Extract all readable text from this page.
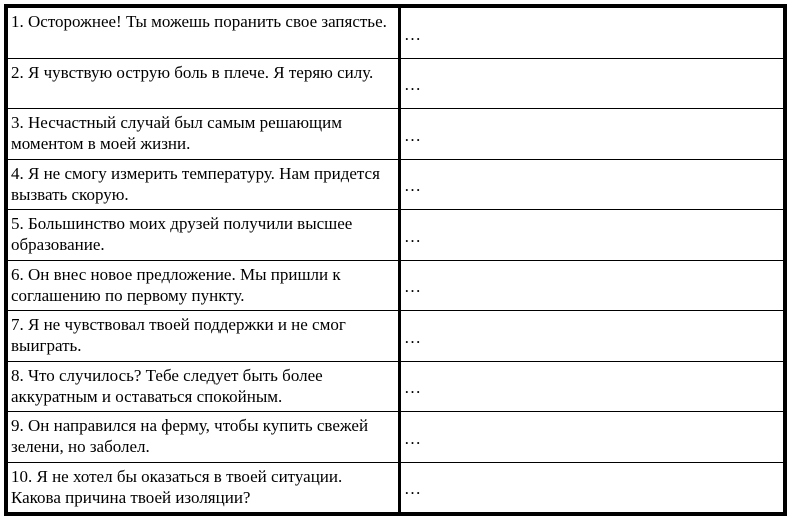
1. Осторожнее! Ты можешь поранить свое запястье.	…
2. Я чувствую острую боль в плече. Я теряю силу.	…
3. Несчастный случай был самым решающим моментом в моей жизни.	…
4. Я не смогу измерить температуру. Нам придется вызвать скорую.	…
5. Большинство моих друзей получили высшее образование.	…
6. Он внес новое предложение. Мы пришли к соглашению по первому пункту.	…
7. Я не чувствовал твоей поддержки и не смог выиграть.	…
8. Что случилось? Тебе следует быть более аккуратным и оставаться спокойным.	…
9. Он направился на ферму, чтобы купить свежей зелени, но заболел.	…
10. Я не хотел бы оказаться в твоей ситуации. Какова причина твоей изоляции?	…
